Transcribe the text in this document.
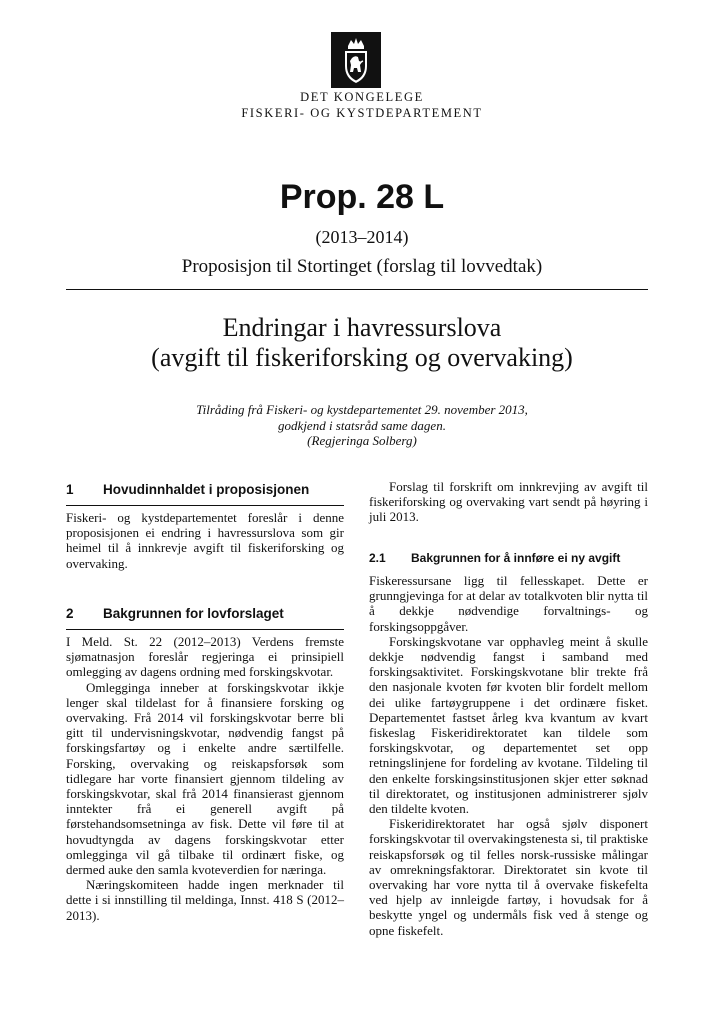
DET KONGELEGE
FISKERI- OG KYSTDEPARTEMENT
Prop. 28 L
(2013–2014)
Proposisjon til Stortinget (forslag til lovvedtak)
Endringar i havressurslova
(avgift til fiskeriforsking og overvaking)
Tilråding frå Fiskeri- og kystdepartementet 29. november 2013,
godkjend i statsråd same dagen.
(Regjeringa Solberg)
1 Hovudinnhaldet i proposisjonen

Fiskeri- og kystdepartementet foreslår i denne proposisjonen ei endring i havressurslova som gir heimel til å innkrevje avgift til fiskeriforsking og overvaking.

2 Bakgrunnen for lovforslaget

I Meld. St. 22 (2012–2013) Verdens fremste sjømatnasjon foreslår regjeringa ei prinsipiell omlegging av dagens ordning med forskingskvotar.

Omlegginga inneber at forskingskvotar ikkje lenger skal tildelast for å finansiere forsking og overvaking. Frå 2014 vil forskingskvotar berre bli gitt til undervisningskvotar, nødvendig fangst på forskingsfartøy og i enkelte andre særtilfelle. Forsking, overvaking og reiskapsforsøk som tidlegare har vorte finansiert gjennom tildeling av forskingskvotar, skal frå 2014 finansierast gjennom inntekter frå ei generell avgift på førstehandsomsetninga av fisk. Dette vil føre til at hovudtyngda av dagens forskingskvotar etter omlegginga vil gå tilbake til ordinært fiske, og dermed auke den samla kvoteverdien for næringa.

Næringskomiteen hadde ingen merknader til dette i si innstilling til meldinga, Innst. 418 S (2012–2013).

Forslag til forskrift om innkrevjing av avgift til fiskeriforsking og overvaking vart sendt på høyring i juli 2013.

2.1 Bakgrunnen for å innføre ei ny avgift

Fiskeressursane ligg til fellesskapet. Dette er grunngjevinga for at delar av totalkvoten blir nytta til å dekkje nødvendige forvaltnings- og forskingsoppgåver.

Forskingskvotane var opphavleg meint å skulle dekkje nødvendig fangst i samband med forskingsaktivitet. Forskingskvotane blir trekte frå den nasjonale kvoten før kvoten blir fordelt mellom dei ulike fartøygruppene i det ordinære fisket. Departementet fastset årleg kva kvantum av kvart fiskeslag Fiskeridirektoratet kan tildele som forskingskvotar, og departementet set opp retningslinjene for fordeling av kvotane. Tildeling til den enkelte forskingsinstitusjonen skjer etter søknad til direktoratet, og institusjonen administrerer sjølv den tildelte kvoten.

Fiskeridirektoratet har også sjølv disponert forskingskvotar til overvakingstenesta si, til praktiske reiskapsforsøk og til felles norsk-russiske målingar av omrekningsfaktorar. Direktoratet sin kvote til overvaking har vore nytta til å overvake fiskefelta ved hjelp av innleigde fartøy, i hovudsak for å beskytte yngel og undermåls fisk ved å stenge og opne fiskefelt.
